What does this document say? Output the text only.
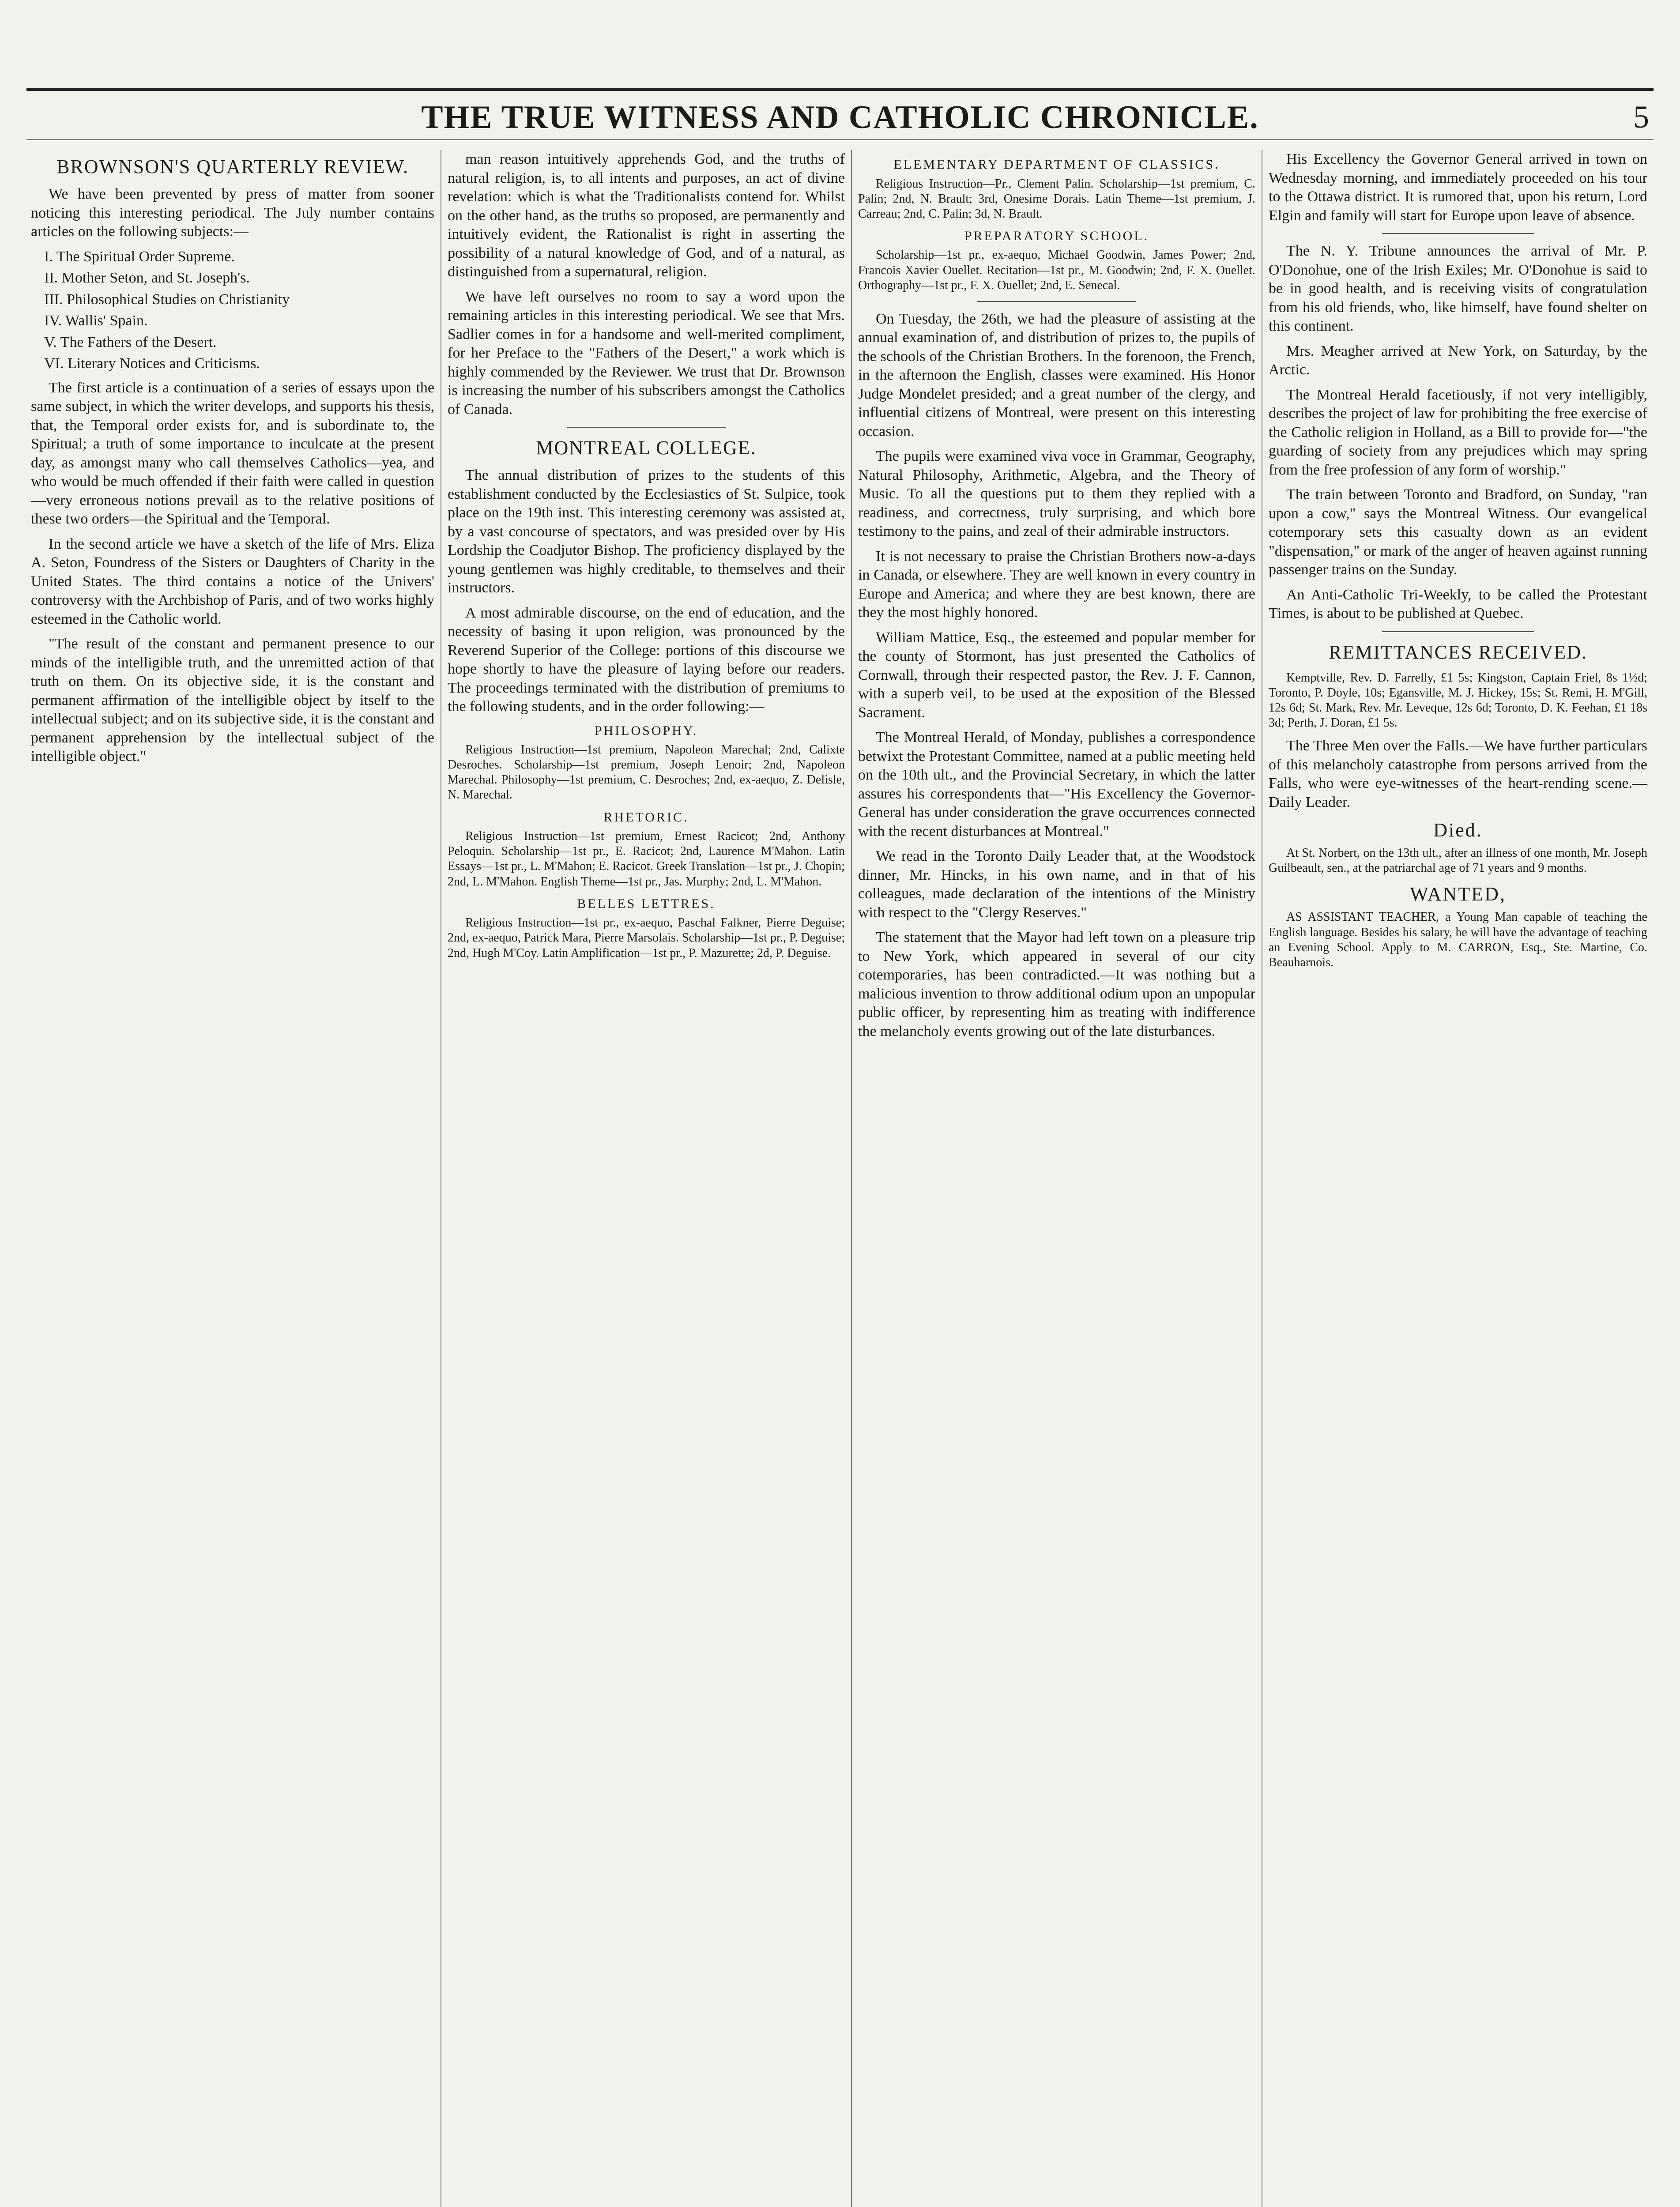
THE TRUE WITNESS AND CATHOLIC CHRONICLE.	5
BROWNSON'S QUARTERLY REVIEW.

We have been prevented by press of matter from sooner noticing this interesting periodical. The July number contains articles on the following subjects:—

I. The Spiritual Order Supreme.
II. Mother Seton, and St. Joseph's.
III. Philosophical Studies on Christianity
IV. Wallis' Spain.
V. The Fathers of the Desert.
VI. Literary Notices and Criticisms.

The first article is a continuation of a series of essays upon the same subject, in which the writer develops, and supports his thesis, that, the Temporal order exists for, and is subordinate to, the Spiritual; a truth of some importance to inculcate at the present day, as amongst many who call themselves Catholics—yea, and who would be much offended if their faith were called in question—very erroneous notions prevail as to the relative positions of these two orders—the Spiritual and the Temporal.

In the second article we have a sketch of the life of Mrs. Eliza A. Seton, Foundress of the Sisters or Daughters of Charity in the United States. The third contains a notice of the Univers' controversy with the Archbishop of Paris, and of two works highly esteemed in the Catholic world.

"The result of the constant and permanent presence to our minds of the intelligible truth, and the unremitted action of that truth on them. On its objective side, it is the constant and permanent affirmation of the intelligible object by itself to the intellectual subject; and on its subjective side, it is the constant and permanent apprehension by the intellectual subject of the intelligible object."

man reason intuitively apprehends God, and the truths of natural religion, is, to all intents and purposes, an act of divine revelation: which is what the Traditionalists contend for. Whilst on the other hand, as the truths so proposed, are permanently and intuitively evident, the Rationalist is right in asserting the possibility of a natural knowledge of God, and of a natural, as distinguished from a supernatural, religion.

We have left ourselves no room to say a word upon the remaining articles in this interesting periodical. We see that Mrs. Sadlier comes in for a handsome and well-merited compliment, for her Preface to the "Fathers of the Desert," a work which is highly commended by the Reviewer. We trust that Dr. Brownson is increasing the number of his subscribers amongst the Catholics of Canada.

MONTREAL COLLEGE.

The annual distribution of prizes to the students of this establishment conducted by the Ecclesiastics of St. Sulpice, took place on the 19th inst. This interesting ceremony was assisted at, by a vast concourse of spectators, and was presided over by His Lordship the Coadjutor Bishop. The proficiency displayed by the young gentlemen was highly creditable, to themselves and their instructors.

A most admirable discourse, on the end of education, and the necessity of basing it upon religion, was pronounced by the Reverend Superior of the College: portions of this discourse we hope shortly to have the pleasure of laying before our readers. The proceedings terminated with the distribution of premiums to the following students, and in the order following:—

PHILOSOPHY.

Religious Instruction—1st premium, Napoleon Marechal; 2nd, Calixte Desroches. Scholarship—1st premium, Joseph Lenoir; 2nd, Napoleon Marechal. Philosophy—1st premium, C. Desroches; 2nd, ex-aequo, Z. Delisle, N. Marechal.

RHETORIC.

Religious Instruction—1st premium, Ernest Racicot; 2nd, Anthony Peloquin. Scholarship—1st pr., E. Racicot; 2nd, Laurence M'Mahon. Latin Essays—1st pr., L. M'Mahon; E. Racicot. Greek Translation—1st pr., J. Chopin; 2nd, L. M'Mahon. English Theme—1st pr., Jas. Murphy; 2nd, L. M'Mahon.

BELLES LETTRES.

Religious Instruction—1st pr., ex-aequo, Paschal Falkner, Pierre Deguise; 2nd, ex-aequo, Patrick Mara, Pierre Marsolais. Scholarship—1st pr., P. Deguise; 2nd, Hugh M'Coy. Latin Amplification—1st pr., P. Mazurette; 2d, P. Deguise.

ELEMENTARY DEPARTMENT OF CLASSICS.

Religious Instruction—Pr., Clement Palin. Scholarship—1st premium, C. Palin; 2nd, N. Brault; 3rd, Onesime Dorais. Latin Theme—1st premium, J. Carreau; 2nd, C. Palin; 3d, N. Brault.

PREPARATORY SCHOOL.

Scholarship—1st pr., ex-aequo, Michael Goodwin, James Power; 2nd, Francois Xavier Ouellet. Recitation—1st pr., M. Goodwin; 2nd, F. X. Ouellet. Orthography—1st pr., F. X. Ouellet; 2nd, E. Senecal.

On Tuesday, the 26th, we had the pleasure of assisting at the annual examination of, and distribution of prizes to, the pupils of the schools of the Christian Brothers. In the forenoon, the French, in the afternoon the English, classes were examined. His Honor Judge Mondelet presided; and a great number of the clergy, and influential citizens of Montreal, were present on this interesting occasion.

The pupils were examined viva voce in Grammar, Geography, Natural Philosophy, Arithmetic, Algebra, and the Theory of Music. To all the questions put to them they replied with a readiness, and correctness, truly surprising, and which bore testimony to the pains, and zeal of their admirable instructors.

It is not necessary to praise the Christian Brothers now-a-days in Canada, or elsewhere. They are well known in every country in Europe and America; and where they are best known, there are they the most highly honored.

William Mattice, Esq., the esteemed and popular member for the county of Stormont, has just presented the Catholics of Cornwall, through their respected pastor, the Rev. J. F. Cannon, with a superb veil, to be used at the exposition of the Blessed Sacrament.

The Montreal Herald, of Monday, publishes a correspondence betwixt the Protestant Committee, named at a public meeting held on the 10th ult., and the Provincial Secretary, in which the latter assures his correspondents that—"His Excellency the Governor-General has under consideration the grave occurrences connected with the recent disturbances at Montreal."

We read in the Toronto Daily Leader that, at the Woodstock dinner, Mr. Hincks, in his own name, and in that of his colleagues, made declaration of the intentions of the Ministry with respect to the "Clergy Reserves."

The statement that the Mayor had left town on a pleasure trip to New York, which appeared in several of our city cotemporaries, has been contradicted.—It was nothing but a malicious invention to throw additional odium upon an unpopular public officer, by representing him as treating with indifference the melancholy events growing out of the late disturbances.

His Excellency the Governor General arrived in town on Wednesday morning, and immediately proceeded on his tour to the Ottawa district. It is rumored that, upon his return, Lord Elgin and family will start for Europe upon leave of absence.

The N. Y. Tribune announces the arrival of Mr. P. O'Donohue, one of the Irish Exiles; Mr. O'Donohue is said to be in good health, and is receiving visits of congratulation from his old friends, who, like himself, have found shelter on this continent.

Mrs. Meagher arrived at New York, on Saturday, by the Arctic.

The Montreal Herald facetiously, if not very intelligibly, describes the project of law for prohibiting the free exercise of the Catholic religion in Holland, as a Bill to provide for—"the guarding of society from any prejudices which may spring from the free profession of any form of worship."

The train between Toronto and Bradford, on Sunday, "ran upon a cow," says the Montreal Witness. Our evangelical cotemporary sets this casualty down as an evident "dispensation," or mark of the anger of heaven against running passenger trains on the Sunday.

An Anti-Catholic Tri-Weekly, to be called the Protestant Times, is about to be published at Quebec.

REMITTANCES RECEIVED.

Kemptville, Rev. D. Farrelly, £1 5s; Kingston, Captain Friel, 8s 1½d; Toronto, P. Doyle, 10s; Egansville, M. J. Hickey, 15s; St. Remi, H. M'Gill, 12s 6d; St. Mark, Rev. Mr. Leveque, 12s 6d; Toronto, D. K. Feehan, £1 18s 3d; Perth, J. Doran, £1 5s.

The Three Men over the Falls.—We have further particulars of this melancholy catastrophe from persons arrived from the Falls, who were eye-witnesses of the heart-rending scene.—Daily Leader.

Died.

At St. Norbert, on the 13th ult., after an illness of one month, Mr. Joseph Guilbeault, sen., at the patriarchal age of 71 years and 9 months.

WANTED,

AS ASSISTANT TEACHER, a Young Man capable of teaching the English language. Besides his salary, he will have the advantage of teaching an Evening School. Apply to M. CARRON, Esq., Ste. Martine, Co. Beauharnois.
